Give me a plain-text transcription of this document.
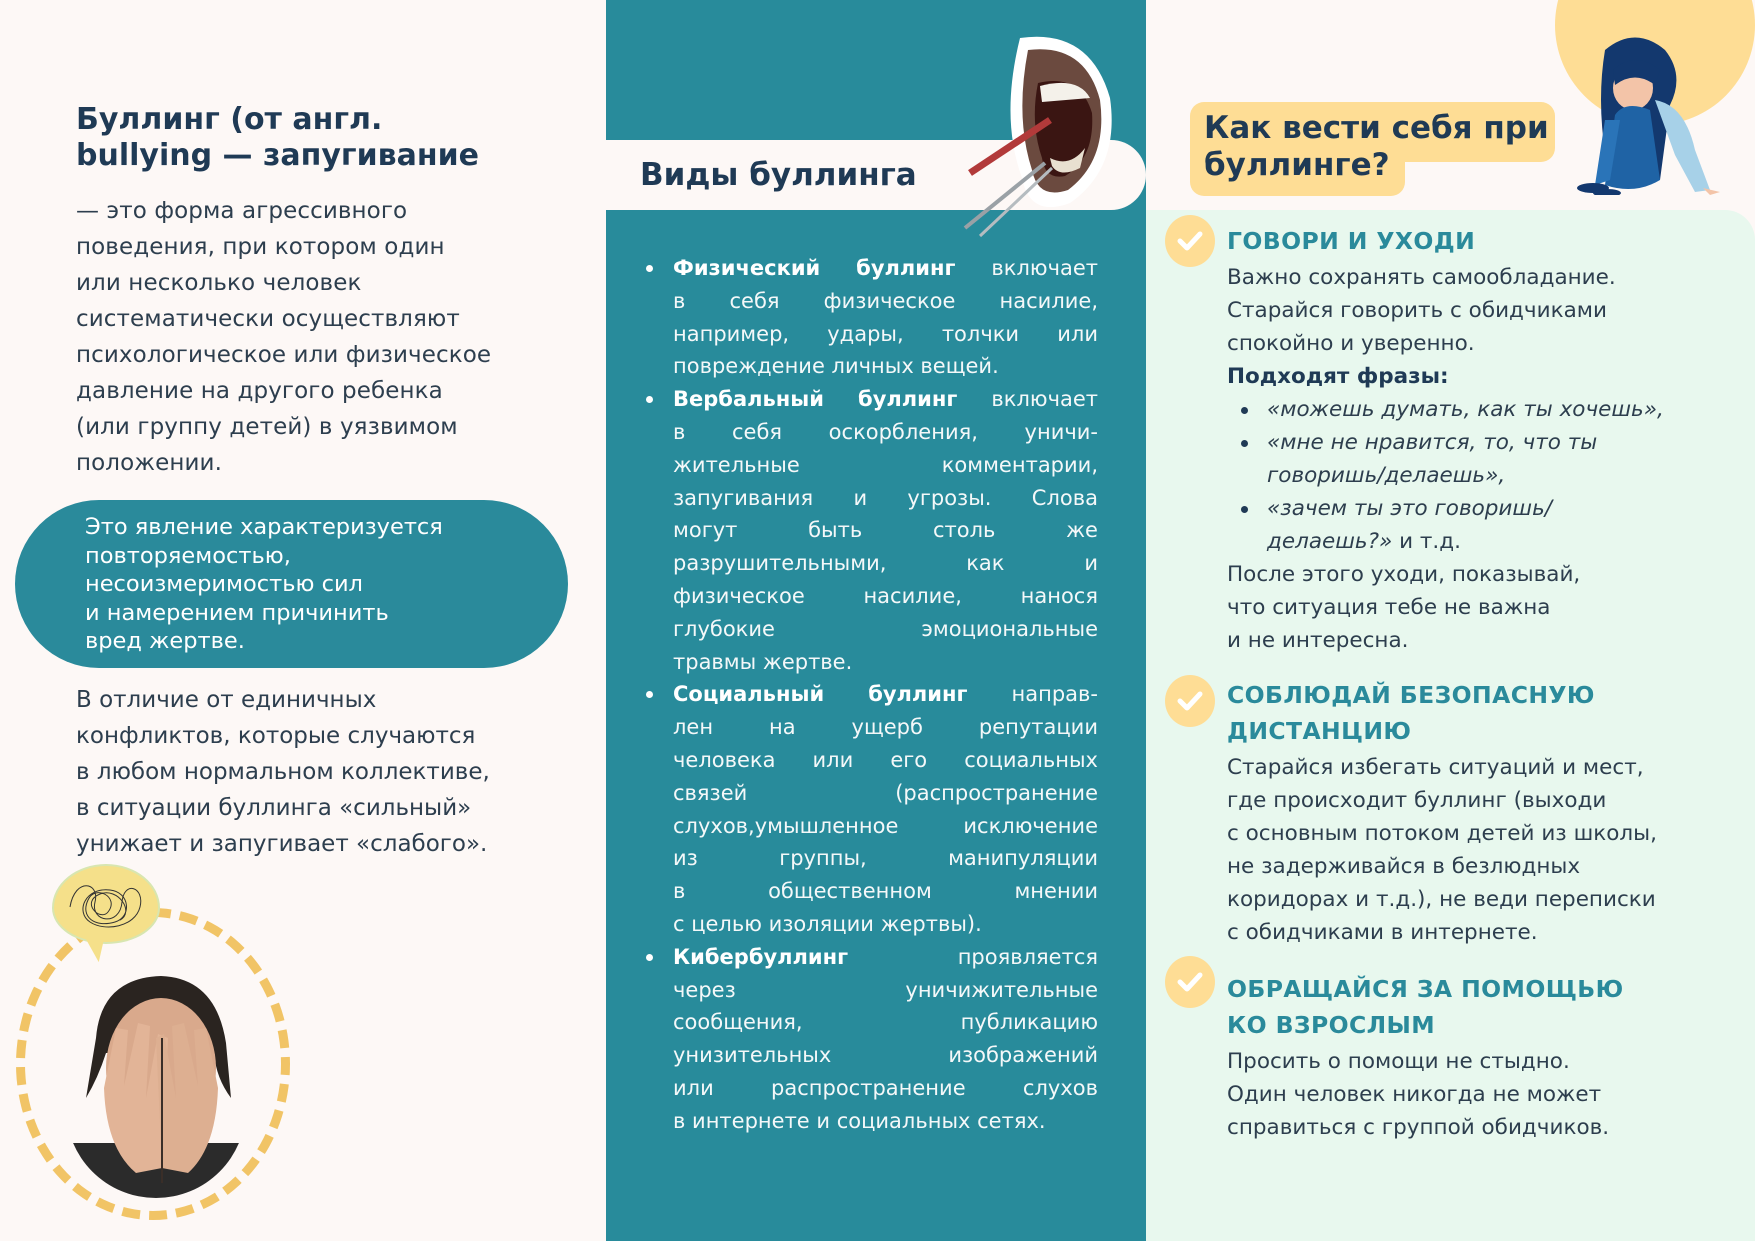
Буллинг (от англ.
bullying — запугивание
— это форма агрессивного
поведения, при котором один
или несколько человек
систематически осуществляют
психологическое или физическое
давление на другого ребенка
(или группу детей) в уязвимом
положении.
Это явление характеризуется
повторяемостью,
несоизмеримостью сил
и намерением причинить
вред жертве.
В отличие от единичных
конфликтов, которые случаются
в любом нормальном коллективе,
в ситуации буллинга «сильный»
унижает и запугивает «слабого».
Виды буллинга
Физический буллинг включает
в себя физическое насилие,
например, удары, толчки или
повреждение личных вещей.
Вербальный буллинг включает
в себя оскорбления, уничи-
жительные	комментарии,
запугивания и угрозы. Слова
могут	быть	столь	же
разрушительными,	как	и
физическое	насилие,	нанося
глубокие	эмоциональные
травмы жертве.
Социальный буллинг направ-
лен	на	ущерб	репутации
человека или его социальных
связей	(распространение
слухов,умышленное	исключение
из	группы,	манипуляции
в	общественном	мнении
с целью изоляции жертвы).
Кибербуллинг	проявляется
через	уничижительные
сообщения,	публикацию
унизительных	изображений
или	распространение	слухов
в интернете и социальных сетях.
Как вести себя при
буллинге?
ГОВОРИ И УХОДИ
Важно сохранять самообладание.
Старайся говорить с обидчиками
спокойно и уверенно.
Подходят фразы:
«можешь думать, как ты хочешь»,
«мне не нравится, то, что ты
говоришь/делаешь»,
«зачем ты это говоришь/
делаешь?» и т.д.
После этого уходи, показывай,
что ситуация тебе не важна
и не интересна.
СОБЛЮДАЙ БЕЗОПАСНУЮ
ДИСТАНЦИЮ
Старайся избегать ситуаций и мест,
где происходит буллинг (выходи
с основным потоком детей из школы,
не задерживайся в безлюдных
коридорах и т.д.), не веди переписки
с обидчиками в интернете.
ОБРАЩАЙСЯ ЗА ПОМОЩЬЮ
КО ВЗРОСЛЫМ
Просить о помощи не стыдно.
Один человек никогда не может
справиться с группой обидчиков.
